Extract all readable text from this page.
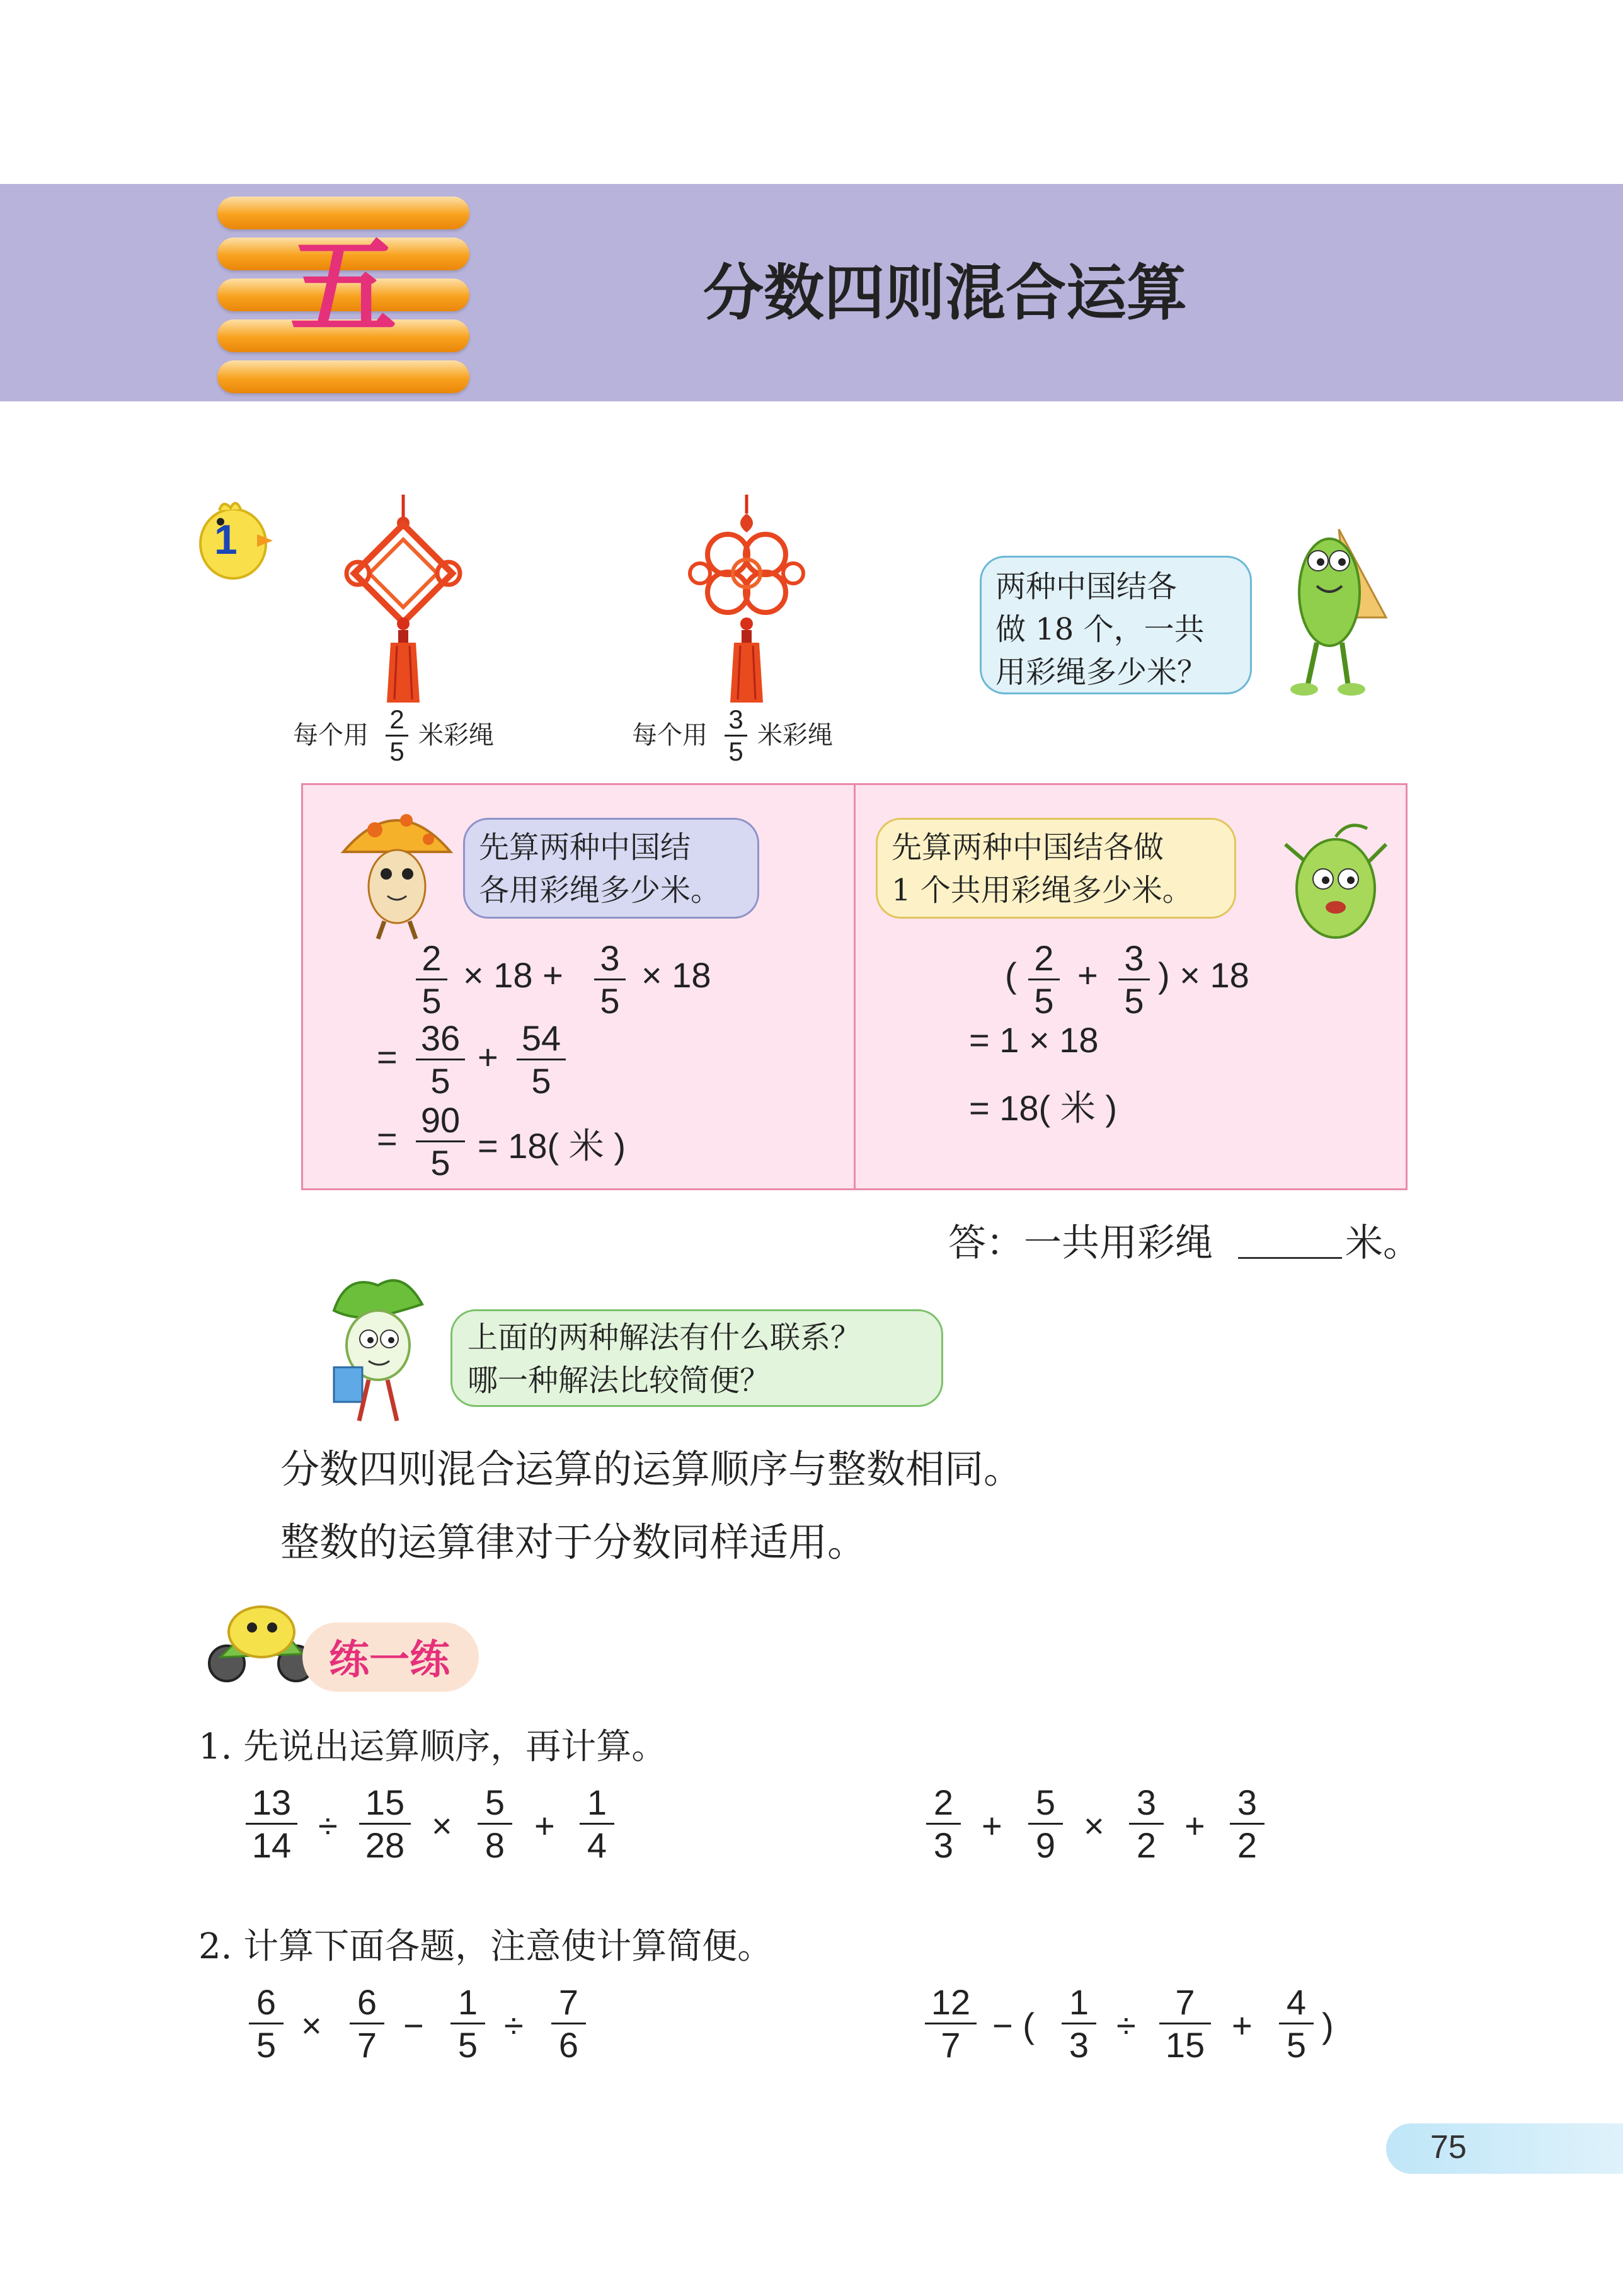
五	分数四则混合运算
1
每个用
2
5
米彩绳	每个用
3
5
米彩绳
两种中国结各
做 18 个，一共
用彩绳多少米？
先算两种中国结
各用彩绳多少米。
2
5
× 18 + 3
5
× 18
= 36
5
+ 54
5
= 90
5 = 18( 米 )
先算两种中国结各做
1 个共用彩绳多少米。
( 2
5
+ 3
5
) × 18
= 1 × 18
= 18( 米 )
答：一共用彩绳	米。
上面的两种解法有什么联系？
哪一种解法比较简便？
分数四则混合运算的运算顺序与整数相同。
整数的运算律对于分数同样适用。
练一练
1. 先说出运算顺序，再计算。
13
14 ÷
15
28 ×
5
8 +
1
4
2
3 +
5
9 ×
3
2 +
3
2
2. 计算下面各题，注意使计算简便。
6
5 ×
6
7 −
1
5 ÷
7
6
12
7 − (
1
3 ÷
7
15 +
4
5 )
75
